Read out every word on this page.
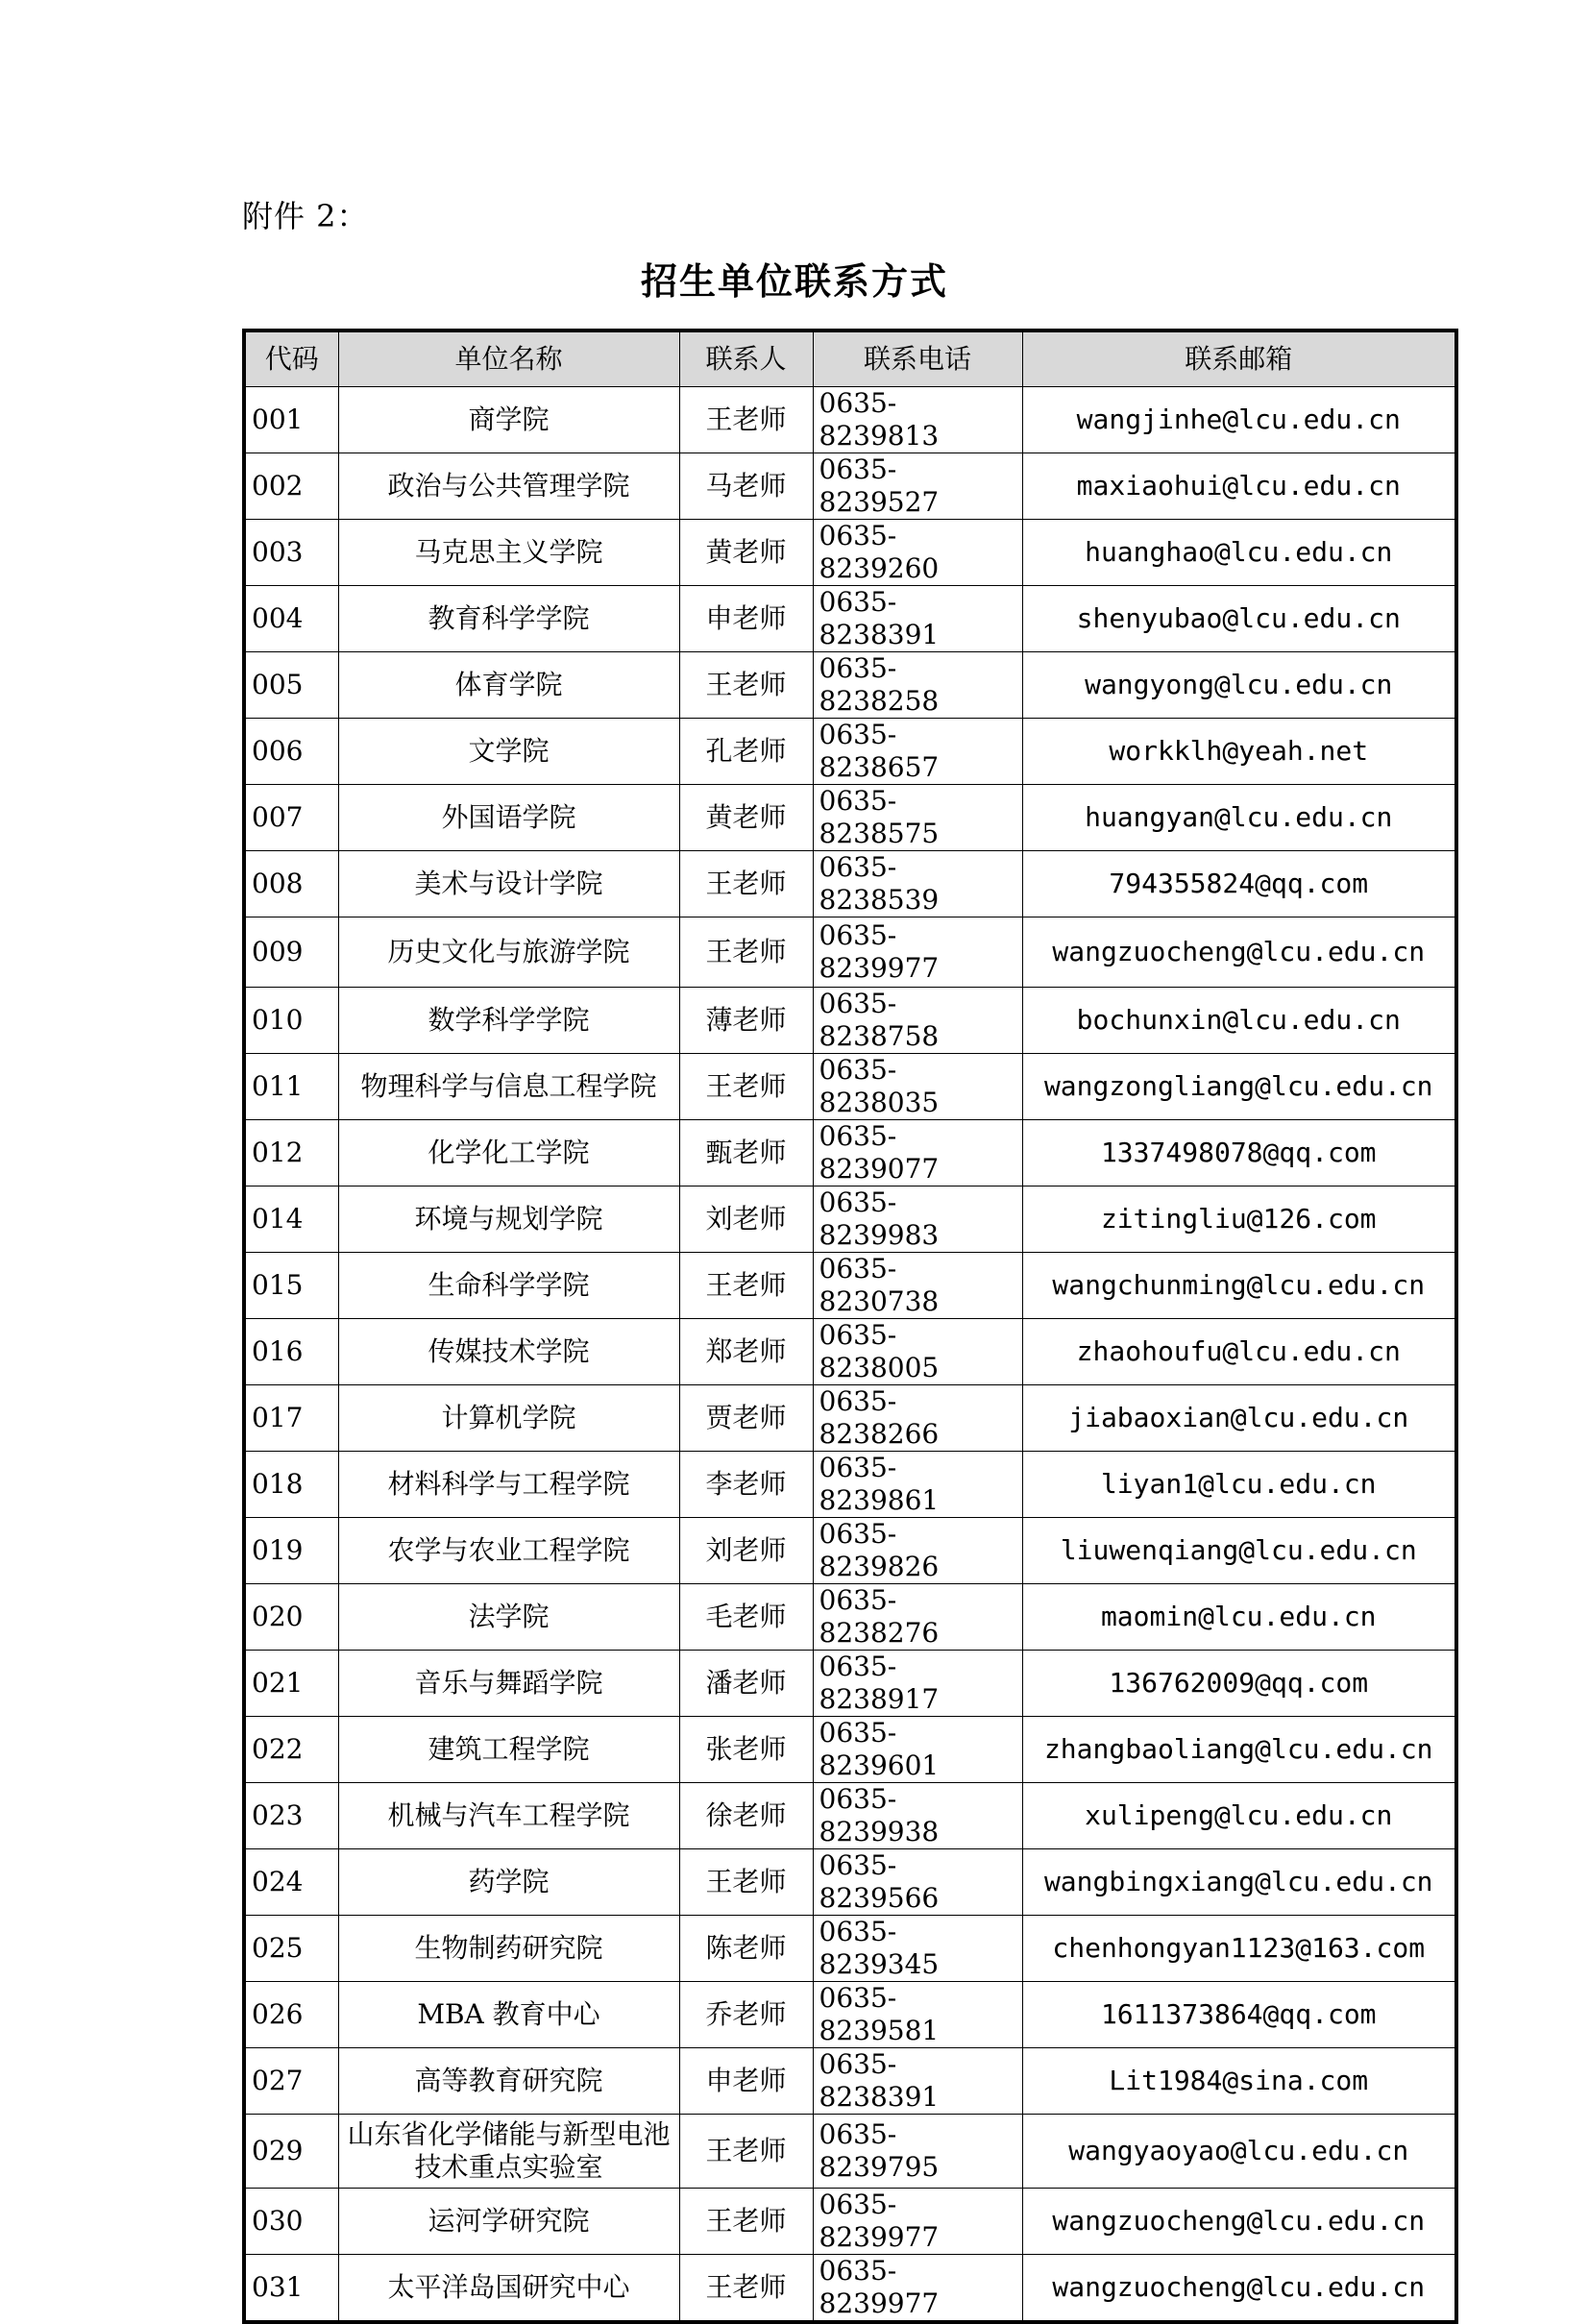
附件 2：
招生单位联系方式
代码	单位名称	联系人	联系电话	联系邮箱
001	商学院	王老师	0635-8239813	wangjinhe@lcu.edu.cn
002	政治与公共管理学院	马老师	0635-8239527	maxiaohui@lcu.edu.cn
003	马克思主义学院	黄老师	0635-8239260	huanghao@lcu.edu.cn
004	教育科学学院	申老师	0635-8238391	shenyubao@lcu.edu.cn
005	体育学院	王老师	0635-8238258	wangyong@lcu.edu.cn
006	文学院	孔老师	0635-8238657	workklh@yeah.net
007	外国语学院	黄老师	0635-8238575	huangyan@lcu.edu.cn
008	美术与设计学院	王老师	0635-8238539	794355824@qq.com
009	历史文化与旅游学院	王老师	0635-8239977	wangzuocheng@lcu.edu.cn
010	数学科学学院	薄老师	0635-8238758	bochunxin@lcu.edu.cn
011	物理科学与信息工程学院	王老师	0635-8238035	wangzongliang@lcu.edu.cn
012	化学化工学院	甄老师	0635-8239077	1337498078@qq.com
014	环境与规划学院	刘老师	0635-8239983	zitingliu@126.com
015	生命科学学院	王老师	0635-8230738	wangchunming@lcu.edu.cn
016	传媒技术学院	郑老师	0635-8238005	zhaohoufu@lcu.edu.cn
017	计算机学院	贾老师	0635-8238266	jiabaoxian@lcu.edu.cn
018	材料科学与工程学院	李老师	0635-8239861	liyan1@lcu.edu.cn
019	农学与农业工程学院	刘老师	0635-8239826	liuwenqiang@lcu.edu.cn
020	法学院	毛老师	0635-8238276	maomin@lcu.edu.cn
021	音乐与舞蹈学院	潘老师	0635-8238917	136762009@qq.com
022	建筑工程学院	张老师	0635-8239601	zhangbaoliang@lcu.edu.cn
023	机械与汽车工程学院	徐老师	0635-8239938	xulipeng@lcu.edu.cn
024	药学院	王老师	0635-8239566	wangbingxiang@lcu.edu.cn
025	生物制药研究院	陈老师	0635-8239345	chenhongyan1123@163.com
026	MBA 教育中心	乔老师	0635-8239581	1611373864@qq.com
027	高等教育研究院	申老师	0635-8238391	Lit1984@sina.com
029	山东省化学储能与新型电池技术重点实验室	王老师	0635-8239795	wangyaoyao@lcu.edu.cn
030	运河学研究院	王老师	0635-8239977	wangzuocheng@lcu.edu.cn
031	太平洋岛国研究中心	王老师	0635-8239977	wangzuocheng@lcu.edu.cn
